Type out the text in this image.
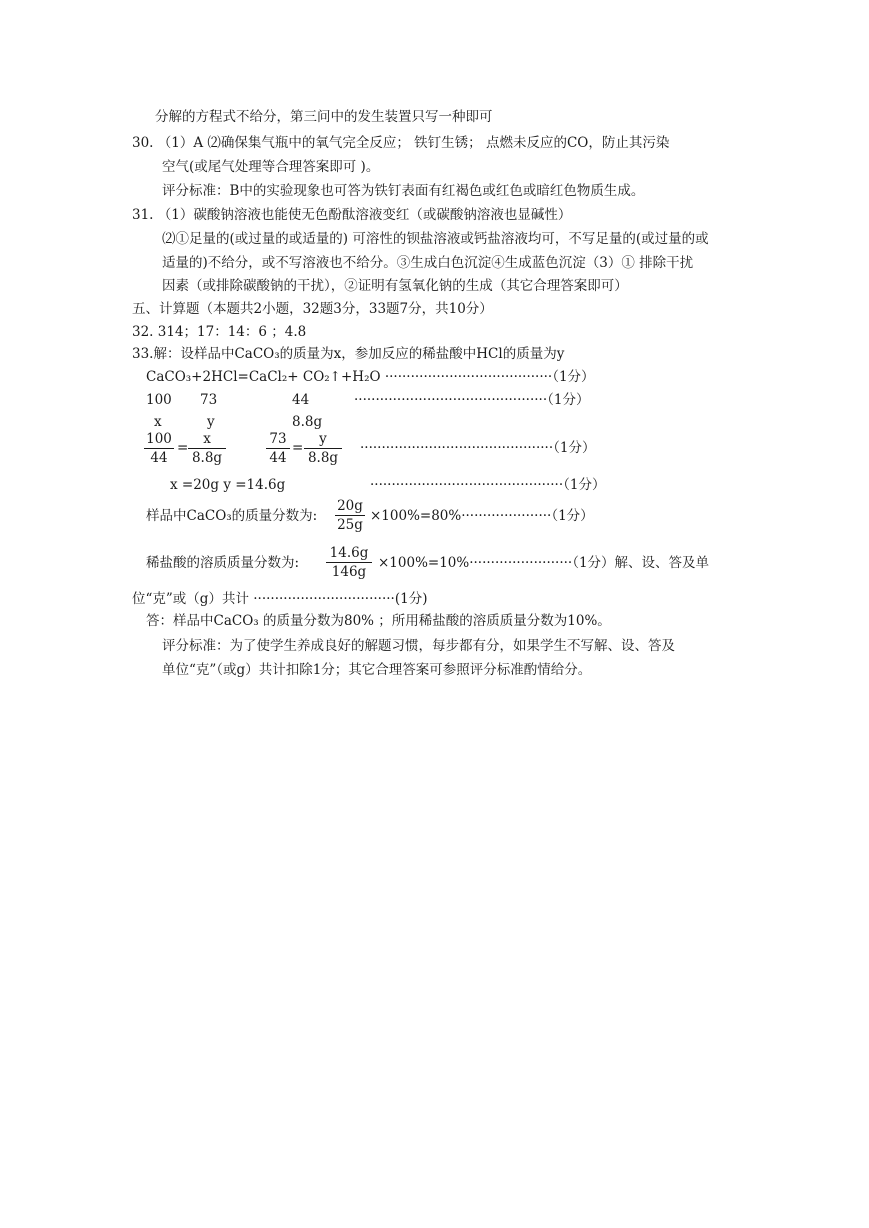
分解的方程式不给分，第三问中的发生装置只写一种即可
30. （1）A ⑵确保集气瓶中的氧气完全反应； 铁钉生锈； 点燃未反应的CO，防止其污染
空气(或尾气处理等合理答案即可 )。
评分标准：B中的实验现象也可答为铁钉表面有红褐色或红色或暗红色物质生成。
31. （1）碳酸钠溶液也能使无色酚酞溶液变红（或碳酸钠溶液也显碱性）
⑵①足量的(或过量的或适量的) 可溶性的钡盐溶液或钙盐溶液均可，不写足量的(或过量的或
适量的)不给分，或不写溶液也不给分。③生成白色沉淀④生成蓝色沉淀（3）① 排除干扰
因素（或排除碳酸钠的干扰），②证明有氢氧化钠的生成（其它合理答案即可）
五、计算题（本题共2小题，32题3分，33题7分，共10分）
32. 314；17：14：6 ；4.8
33.解：设样品中CaCO₃的质量为x，参加反应的稀盐酸中HCl的质量为y
CaCO₃+2HCl=CaCl₂+ CO₂↑+H₂O ·······································（1分）
100 73	44	·············································（1分）
x	y	8.8g
$\frac{100}{44} = \frac{x}{8.8g}$	$\frac{73}{44} = \frac{y}{8.8g} \cdot\cdot\cdot\cdot\cdot\cdot\cdot\cdot\cdot\cdot\cdot\cdot\cdot\cdot\cdot\cdot\cdot\cdot\cdot\cdot\cdot\cdot\cdot\cdot\cdot\cdot\cdot\cdot\cdot\cdot\cdot\cdot\cdot\cdot\cdot\cdot\cdot\cdot\cdot\cdot\cdot\cdot\cdot\cdot\cdot(1$分）
x =20g y =14.6g	·············································（1分）
样品中CaCO₃的质量分数为: $\frac{20g}{25g} \times 100\%=80\%\cdot\cdot\cdot\cdot\cdot\cdot\cdot\cdot\cdot\cdot\cdot\cdot\cdot\cdot\cdot\cdot\cdot\cdot\cdot\cdot\cdot(1$分）
稀盐酸的溶质质量分数为: $\frac{14.6g}{146g} \times 100\%=10\%\cdot\cdot\cdot\cdot\cdot\cdot\cdot\cdot\cdot\cdot\cdot\cdot\cdot\cdot\cdot\cdot\cdot\cdot\cdot\cdot\cdot\cdot\cdot\cdot(1$分）解、设、答及单
位“克”或（g）共计 ·································(1分)
答：样品中CaCO₃ 的质量分数为80% ；所用稀盐酸的溶质质量分数为10%。
评分标准：为了使学生养成良好的解题习惯，每步都有分，如果学生不写解、设、答及
单位“克”（或g）共计扣除1分；其它合理答案可参照评分标准酌情给分。
